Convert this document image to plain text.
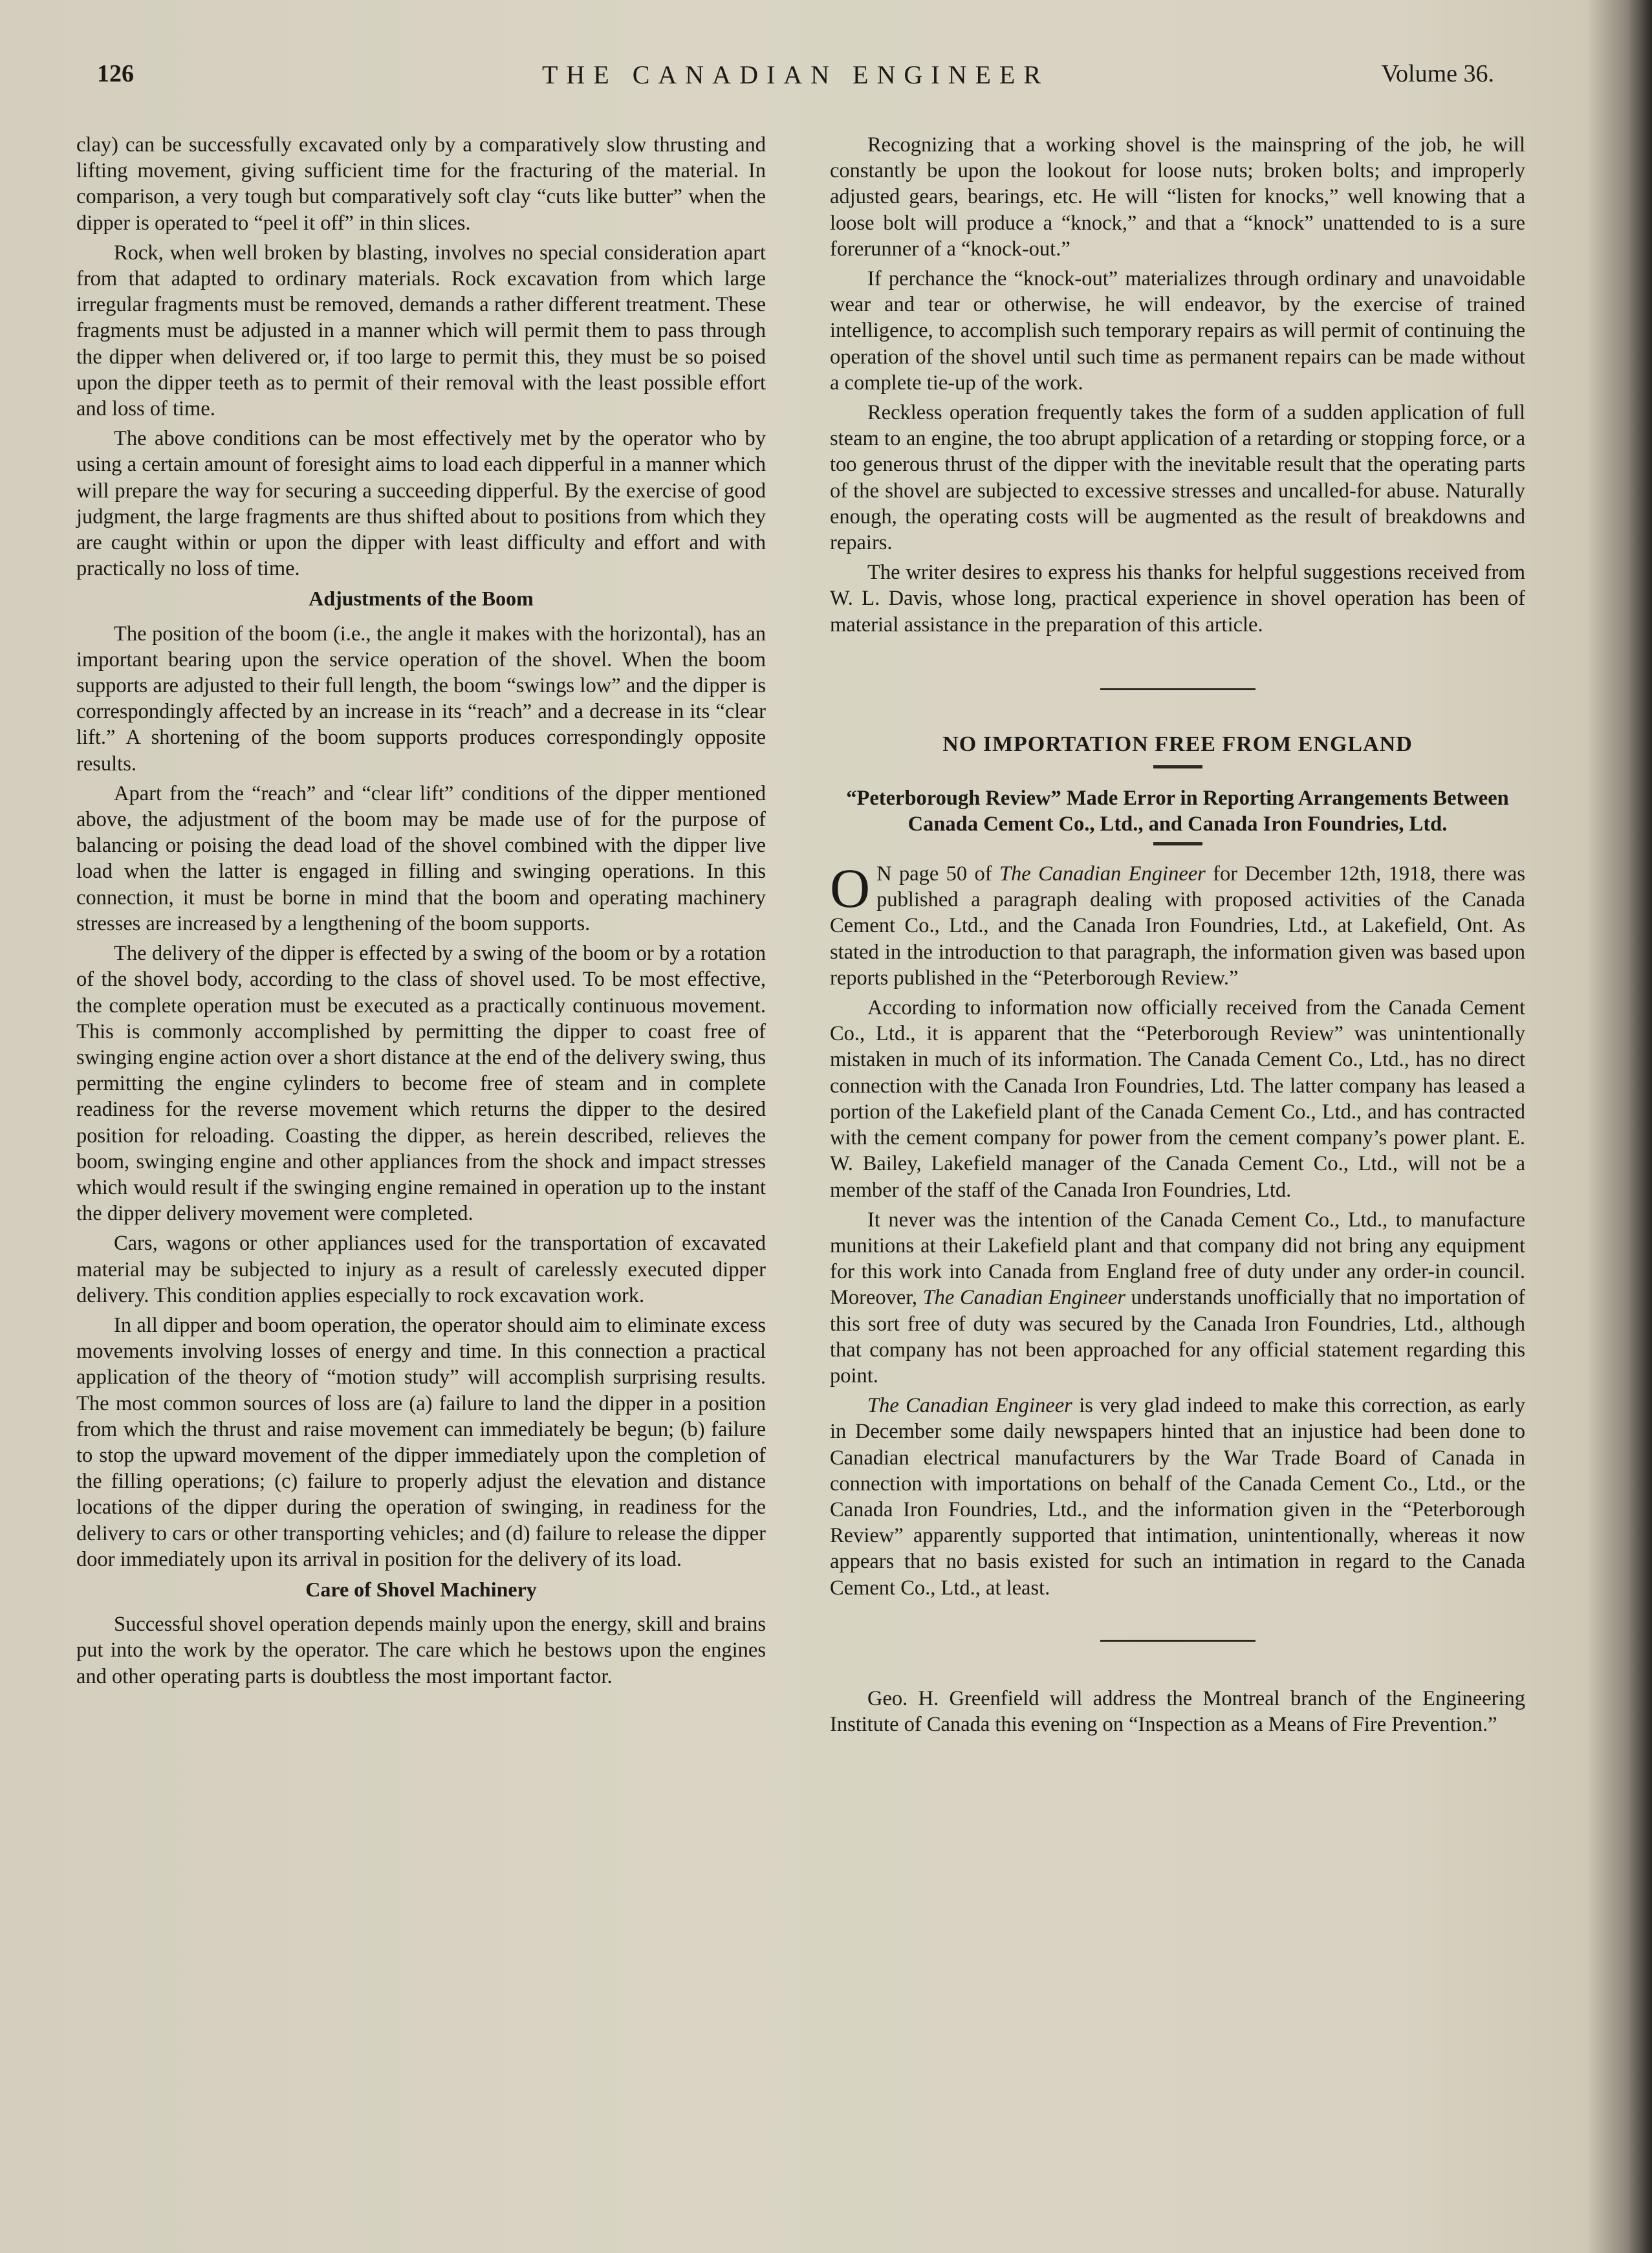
126	THE CANADIAN ENGINEER	Volume 36.

clay) can be successfully excavated only by a comparatively slow thrusting and lifting movement, giving sufficient time for the fracturing of the material. In comparison, a very tough but comparatively soft clay “cuts like butter” when the dipper is operated to “peel it off” in thin slices.

Rock, when well broken by blasting, involves no special consideration apart from that adapted to ordinary materials. Rock excavation from which large irregular fragments must be removed, demands a rather different treatment. These fragments must be adjusted in a manner which will permit them to pass through the dipper when delivered or, if too large to permit this, they must be so poised upon the dipper teeth as to permit of their removal with the least possible effort and loss of time.

The above conditions can be most effectively met by the operator who by using a certain amount of foresight aims to load each dipperful in a manner which will prepare the way for securing a succeeding dipperful. By the exercise of good judgment, the large fragments are thus shifted about to positions from which they are caught within or upon the dipper with least difficulty and effort and with practically no loss of time.

Adjustments of the Boom

The position of the boom (i.e., the angle it makes with the horizontal), has an important bearing upon the service operation of the shovel. When the boom supports are adjusted to their full length, the boom “swings low” and the dipper is correspondingly affected by an increase in its “reach” and a decrease in its “clear lift.” A shortening of the boom supports produces correspondingly opposite results.

Apart from the “reach” and “clear lift” conditions of the dipper mentioned above, the adjustment of the boom may be made use of for the purpose of balancing or poising the dead load of the shovel combined with the dipper live load when the latter is engaged in filling and swinging operations. In this connection, it must be borne in mind that the boom and operating machinery stresses are increased by a lengthening of the boom supports.

The delivery of the dipper is effected by a swing of the boom or by a rotation of the shovel body, according to the class of shovel used. To be most effective, the complete operation must be executed as a practically continuous movement. This is commonly accomplished by permitting the dipper to coast free of swinging engine action over a short distance at the end of the delivery swing, thus permitting the engine cylinders to become free of steam and in complete readiness for the reverse movement which returns the dipper to the desired position for reloading. Coasting the dipper, as herein described, relieves the boom, swinging engine and other appliances from the shock and impact stresses which would result if the swinging engine remained in operation up to the instant the dipper delivery movement were completed.

Cars, wagons or other appliances used for the transportation of excavated material may be subjected to injury as a result of carelessly executed dipper delivery. This condition applies especially to rock excavation work.

In all dipper and boom operation, the operator should aim to eliminate excess movements involving losses of energy and time. In this connection a practical application of the theory of “motion study” will accomplish surprising results. The most common sources of loss are (a) failure to land the dipper in a position from which the thrust and raise movement can immediately be begun; (b) failure to stop the upward movement of the dipper immediately upon the completion of the filling operations; (c) failure to properly adjust the elevation and distance locations of the dipper during the operation of swinging, in readiness for the delivery to cars or other transporting vehicles; and (d) failure to release the dipper door immediately upon its arrival in position for the delivery of its load.

Care of Shovel Machinery

Successful shovel operation depends mainly upon the energy, skill and brains put into the work by the operator. The care which he bestows upon the engines and other operating parts is doubtless the most important factor.

Recognizing that a working shovel is the mainspring of the job, he will constantly be upon the lookout for loose nuts; broken bolts; and improperly adjusted gears, bearings, etc. He will “listen for knocks,” well knowing that a loose bolt will produce a “knock,” and that a “knock” unattended to is a sure forerunner of a “knock-out.”

If perchance the “knock-out” materializes through ordinary and unavoidable wear and tear or otherwise, he will endeavor, by the exercise of trained intelligence, to accomplish such temporary repairs as will permit of continuing the operation of the shovel until such time as permanent repairs can be made without a complete tie-up of the work.

Reckless operation frequently takes the form of a sudden application of full steam to an engine, the too abrupt application of a retarding or stopping force, or a too generous thrust of the dipper with the inevitable result that the operating parts of the shovel are subjected to excessive stresses and uncalled-for abuse. Naturally enough, the operating costs will be augmented as the result of breakdowns and repairs.

The writer desires to express his thanks for helpful suggestions received from W. L. Davis, whose long, practical experience in shovel operation has been of material assistance in the preparation of this article.

NO IMPORTATION FREE FROM ENGLAND
“Peterborough Review” Made Error in Reporting Arrangements Between Canada Cement Co., Ltd., and Canada Iron Foundries, Ltd.

O N page 50 of The Canadian Engineer for December 12th, 1918, there was published a paragraph dealing with proposed activities of the Canada Cement Co., Ltd., and the Canada Iron Foundries, Ltd., at Lakefield, Ont. As stated in the introduction to that paragraph, the information given was based upon reports published in the “Peterborough Review.”

According to information now officially received from the Canada Cement Co., Ltd., it is apparent that the “Peterborough Review” was unintentionally mistaken in much of its information. The Canada Cement Co., Ltd., has no direct connection with the Canada Iron Foundries, Ltd. The latter company has leased a portion of the Lakefield plant of the Canada Cement Co., Ltd., and has contracted with the cement company for power from the cement company’s power plant. E. W. Bailey, Lakefield manager of the Canada Cement Co., Ltd., will not be a member of the staff of the Canada Iron Foundries, Ltd.

It never was the intention of the Canada Cement Co., Ltd., to manufacture munitions at their Lakefield plant and that company did not bring any equipment for this work into Canada from England free of duty under any order-in council. Moreover, The Canadian Engineer understands unofficially that no importation of this sort free of duty was secured by the Canada Iron Foundries, Ltd., although that company has not been approached for any official statement regarding this point.

The Canadian Engineer is very glad indeed to make this correction, as early in December some daily newspapers hinted that an injustice had been done to Canadian electrical manufacturers by the War Trade Board of Canada in connection with importations on behalf of the Canada Cement Co., Ltd., or the Canada Iron Foundries, Ltd., and the information given in the “Peterborough Review” apparently supported that intimation, unintentionally, whereas it now appears that no basis existed for such an intimation in regard to the Canada Cement Co., Ltd., at least.

Geo. H. Greenfield will address the Montreal branch of the Engineering Institute of Canada this evening on “Inspection as a Means of Fire Prevention.”
